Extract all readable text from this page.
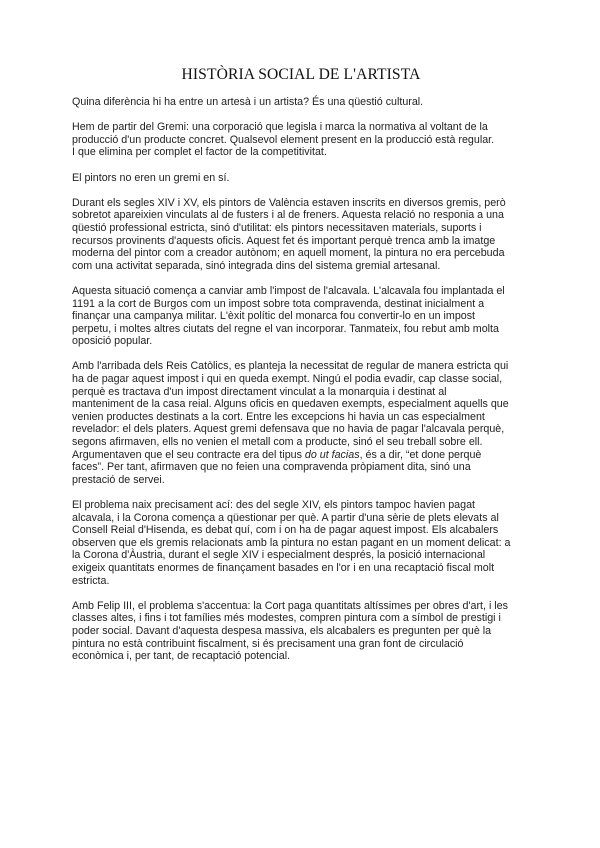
HISTÒRIA SOCIAL DE L'ARTISTA
Quina diferència hi ha entre un artesà i un artista? És una qüestió cultural.
Hem de partir del Gremi: una corporació que legisla i marca la normativa al voltant de la
producció d'un producte concret. Qualsevol element present en la producció està regular.
I que elimina per complet el factor de la competitivitat.
El pintors no eren un gremi en sí.
Durant els segles XIV i XV, els pintors de València estaven inscrits en diversos gremis, però
sobretot apareixien vinculats al de fusters i al de freners. Aquesta relació no responia a una
qüestió professional estricta, sinó d'utilitat: els pintors necessitaven materials, suports i
recursos provinents d'aquests oficis. Aquest fet és important perquè trenca amb la imatge
moderna del pintor com a creador autònom; en aquell moment, la pintura no era percebuda
com una activitat separada, sinó integrada dins del sistema gremial artesanal.
Aquesta situació comença a canviar amb l'impost de l'alcavala. L'alcavala fou implantada el
1191 a la cort de Burgos com un impost sobre tota compravenda, destinat inicialment a
finançar una campanya militar. L'èxit polític del monarca fou convertir-lo en un impost
perpetu, i moltes altres ciutats del regne el van incorporar. Tanmateix, fou rebut amb molta
oposició popular.
Amb l'arribada dels Reis Catòlics, es planteja la necessitat de regular de manera estricta qui
ha de pagar aquest impost i qui en queda exempt. Ningú el podia evadir, cap classe social,
perquè es tractava d'un impost directament vinculat a la monarquia i destinat al
manteniment de la casa reial. Alguns oficis en quedaven exempts, especialment aquells que
venien productes destinats a la cort. Entre les excepcions hi havia un cas especialment
revelador: el dels platers. Aquest gremi defensava que no havia de pagar l'alcavala perquè,
segons afirmaven, ells no venien el metall com a producte, sinó el seu treball sobre ell.
Argumentaven que el seu contracte era del tipus do ut facias, és a dir, “et done perquè
faces”. Per tant, afirmaven que no feien una compravenda pròpiament dita, sinó una
prestació de servei.
El problema naix precisament ací: des del segle XIV, els pintors tampoc havien pagat
alcavala, i la Corona comença a qüestionar per què. A partir d'una sèrie de plets elevats al
Consell Reial d'Hisenda, es debat quí, com i on ha de pagar aquest impost. Els alcabalers
observen que els gremis relacionats amb la pintura no estan pagant en un moment delicat: a
la Corona d'Àustria, durant el segle XIV i especialment després, la posició internacional
exigeix quantitats enormes de finançament basades en l'or i en una recaptació fiscal molt
estricta.
Amb Felip III, el problema s'accentua: la Cort paga quantitats altíssimes per obres d'art, i les
classes altes, i fins i tot famílies més modestes, compren pintura com a símbol de prestigi i
poder social. Davant d'aquesta despesa massiva, els alcabalers es pregunten per què la
pintura no està contribuint fiscalment, si és precisament una gran font de circulació
econòmica i, per tant, de recaptació potencial.
